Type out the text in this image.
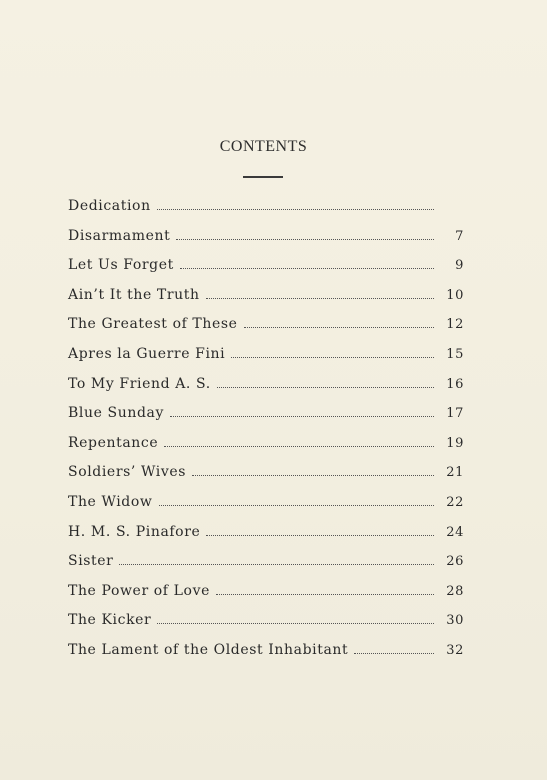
CONTENTS
Dedication
Disarmament	7
Let Us Forget	9
Ain’t It the Truth	10
The Greatest of These	12
Apres la Guerre Fini	15
To My Friend A. S.	16
Blue Sunday	17
Repentance	19
Soldiers’ Wives	21
The Widow	22
H. M. S. Pinafore	24
Sister	26
The Power of Love	28
The Kicker	30
The Lament of the Oldest Inhabitant	32
